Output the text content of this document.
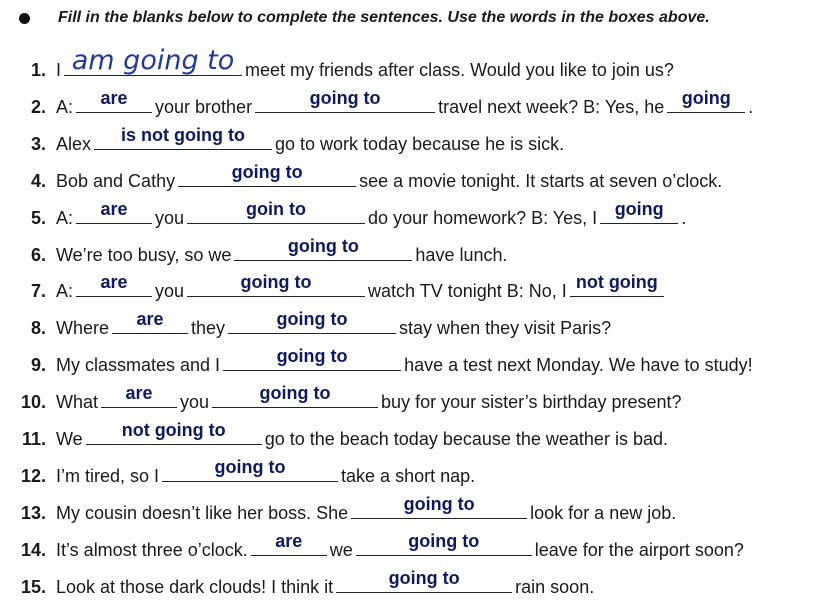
Fill in the blanks below to complete the sentences. Use the words in the boxes above.
1. I am going to meet my friends after class. Would you like to join us?
2. A:	are	your brother	going to	travel next week? B: Yes, he going .
3. Alex	is not going to	go to work today because he is sick.
4. Bob and Cathy	going to	see a movie tonight. It starts at seven o’clock.
5. A:	are	you	goin to	do your homework? B: Yes, I going .
6. We’re too busy, so we	going to	have lunch.
7. A:	are	you	going to	watch TV tonight B: No, I not going
8. Where	are	they	going to	stay when they visit Paris?
9. My classmates and I	going to	have a test next Monday. We have to study!
10. What	are	you	going to	buy for your sister’s birthday present?
11. We	not going to	go to the beach today because the weather is bad.
12. I’m tired, so I	going to	take a short nap.
13. My cousin doesn’t like her boss. She	going to	look for a new job.
14. It’s almost three o’clock.	are	we	going to	leave for the airport soon?
15. Look at those dark clouds! I think it	going to	rain soon.
